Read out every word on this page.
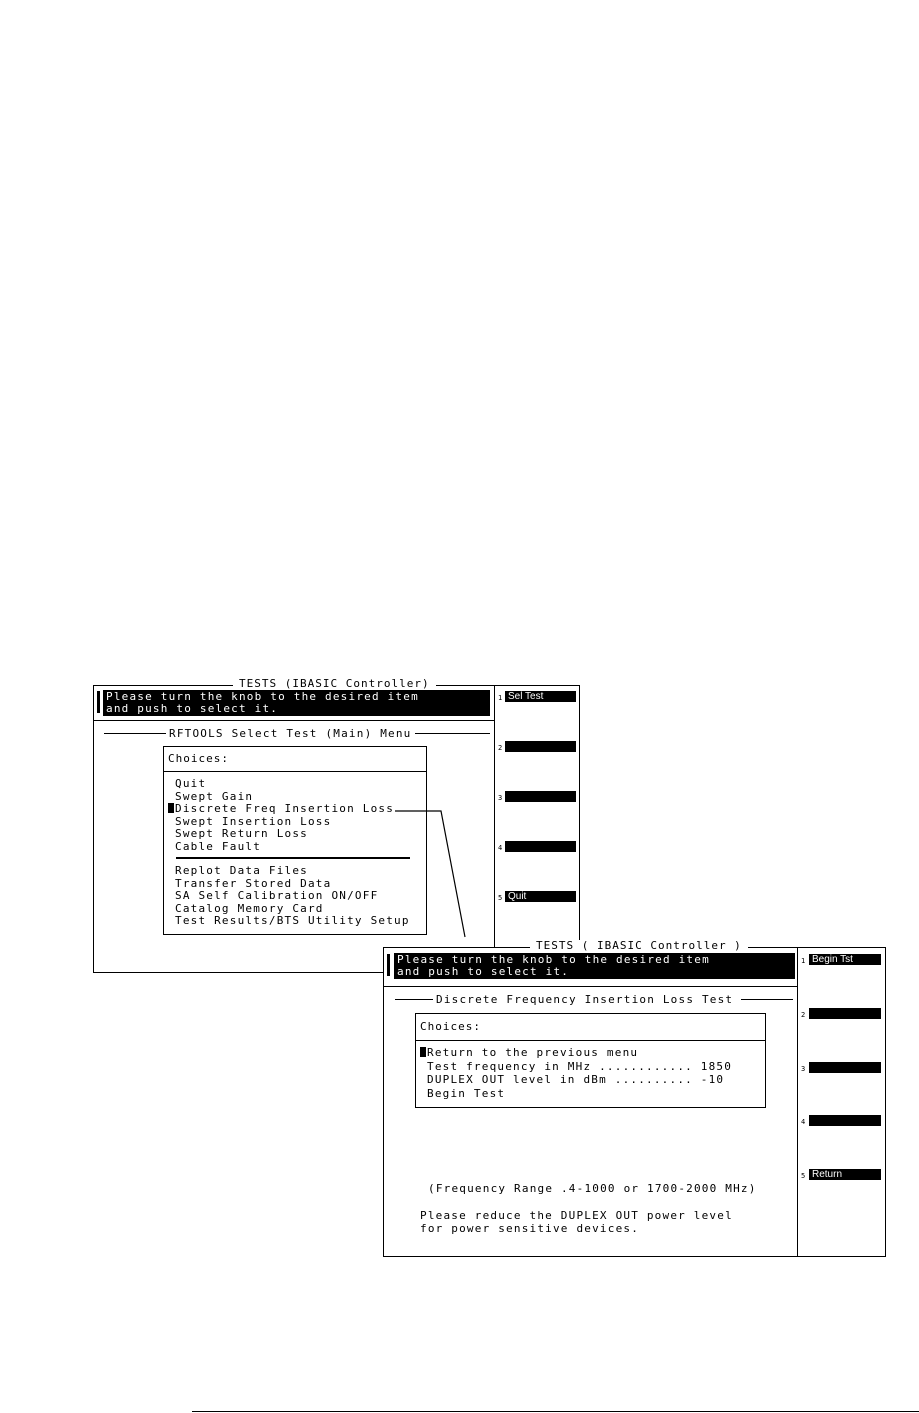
TESTS (IBASIC Controller)
Please turn the knob to the desired item
and push to select it.
RFTOOLS Select Test (Main) Menu
Choices:
Quit
Swept Gain
Discrete Freq Insertion Loss
Swept Insertion Loss
Swept Return Loss
Cable Fault
Replot Data Files
Transfer Stored Data
SA Self Calibration ON/OFF
Catalog Memory Card
Test Results/BTS Utility Setup
1 Sel Test
2
3
4
5 Quit
TESTS ( IBASIC Controller )
Please turn the knob to the desired item
and push to select it.
Discrete Frequency Insertion Loss Test
Choices:
Return to the previous menu
Test frequency in MHz ............ 1850
DUPLEX OUT level in dBm .......... -10
Begin Test
(Frequency Range .4-1000 or 1700-2000 MHz)
Please reduce the DUPLEX OUT power level
for power sensitive devices.
1 Begin Tst
2
3
4
5 Return
